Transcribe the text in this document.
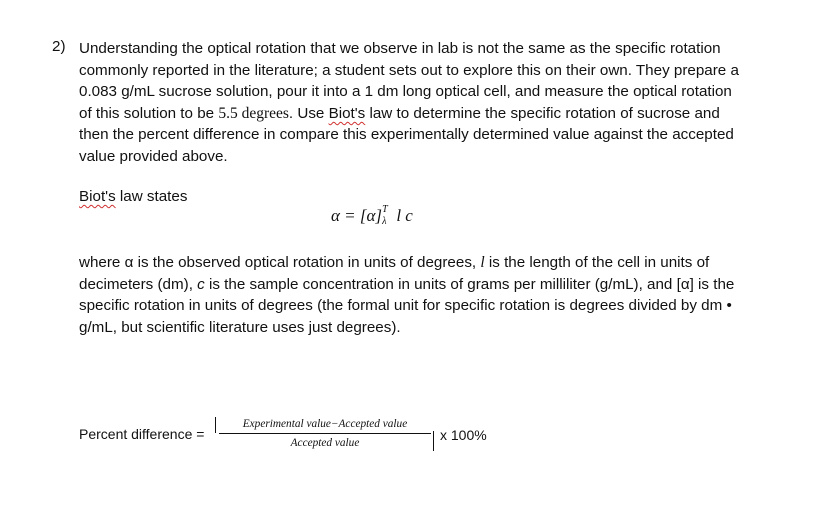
2) Understanding the optical rotation that we observe in lab is not the same as the specific rotation commonly reported in the literature; a student sets out to explore this on their own. They prepare a 0.083 g/mL sucrose solution, pour it into a 1 dm long optical cell, and measure the optical rotation of this solution to be 5.5 degrees. Use Biot's law to determine the specific rotation of sucrose and then the percent difference in compare this experimentally determined value against the accepted value provided above.
Biot's law states
α = [α] T
λ l c
where α is the observed optical rotation in units of degrees, l is the length of the cell in units of decimeters (dm), c is the sample concentration in units of grams per milliliter (g/mL), and [α] is the specific rotation in units of degrees (the formal unit for specific rotation is degrees divided by dm • g/mL, but scientific literature uses just degrees).
Percent difference =
Experimental value−Accepted value
Accepted value	x 100%
